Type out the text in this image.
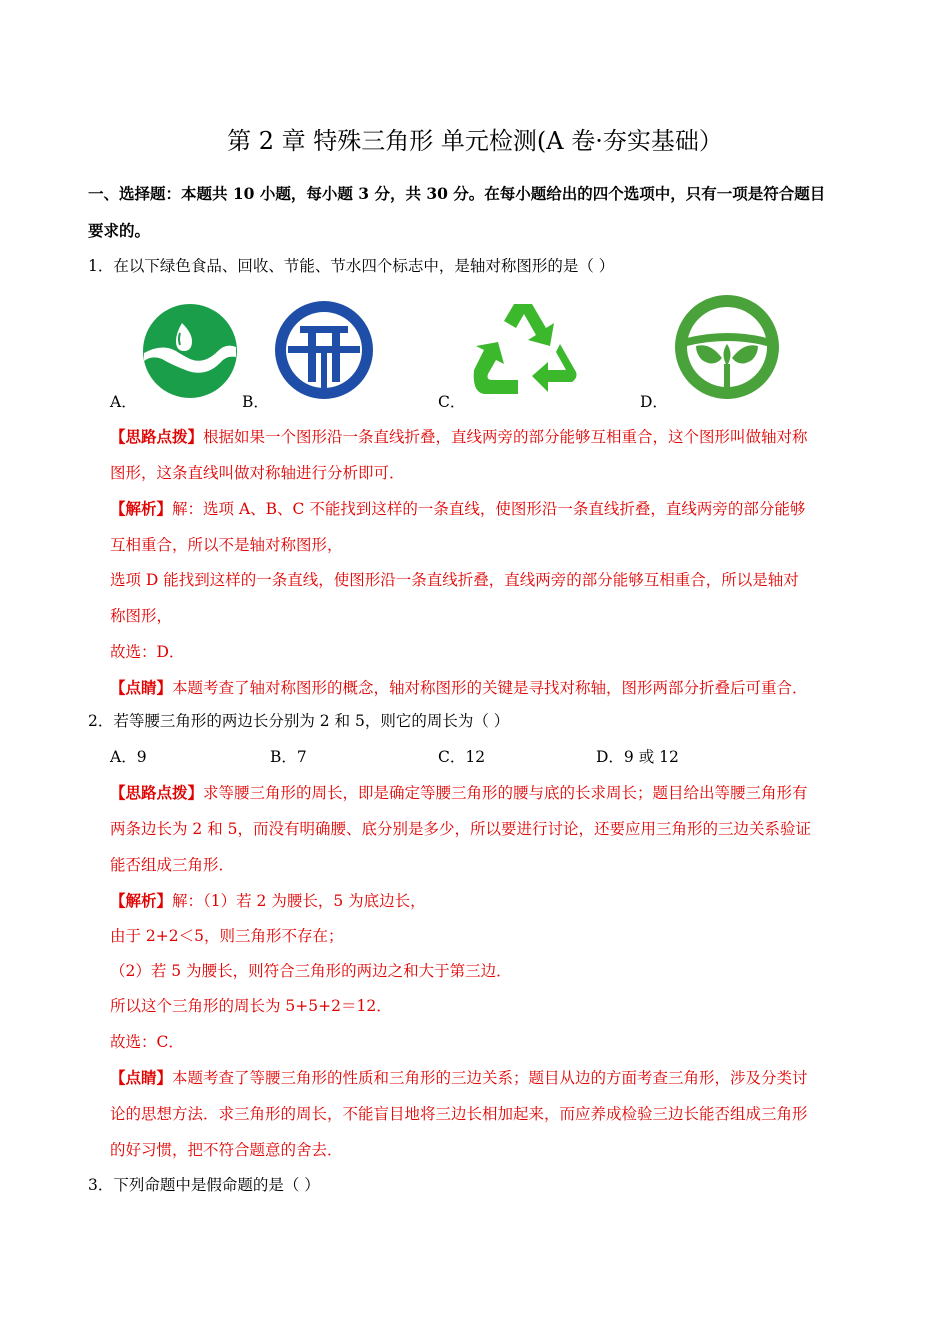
第 2 章 特殊三角形 单元检测(A 卷·夯实基础）
一、选择题：本题共 10 小题，每小题 3 分，共 30 分。在每小题给出的四个选项中，只有一项是符合题目
要求的。
1．在以下绿色食品、回收、节能、节水四个标志中，是轴对称图形的是（ ）
A．	B．	C．	D．
【思路点拨】根据如果一个图形沿一条直线折叠，直线两旁的部分能够互相重合，这个图形叫做轴对称
图形，这条直线叫做对称轴进行分析即可．
【解析】解：选项 A、B、C 不能找到这样的一条直线，使图形沿一条直线折叠，直线两旁的部分能够
互相重合，所以不是轴对称图形，
选项 D 能找到这样的一条直线，使图形沿一条直线折叠，直线两旁的部分能够互相重合，所以是轴对
称图形，
故选：D．
【点睛】本题考查了轴对称图形的概念，轴对称图形的关键是寻找对称轴，图形两部分折叠后可重合．
2．若等腰三角形的两边长分别为 2 和 5，则它的周长为（ ）
A．9	B．7	C．12	D．9 或 12
【思路点拨】求等腰三角形的周长，即是确定等腰三角形的腰与底的长求周长；题目给出等腰三角形有
两条边长为 2 和 5，而没有明确腰、底分别是多少，所以要进行讨论，还要应用三角形的三边关系验证
能否组成三角形．
【解析】解：（1）若 2 为腰长，5 为底边长，
由于 2+2＜5，则三角形不存在；
（2）若 5 为腰长，则符合三角形的两边之和大于第三边．
所以这个三角形的周长为 5+5+2＝12．
故选：C．
【点睛】本题考查了等腰三角形的性质和三角形的三边关系；题目从边的方面考查三角形，涉及分类讨
论的思想方法．求三角形的周长，不能盲目地将三边长相加起来，而应养成检验三边长能否组成三角形
的好习惯，把不符合题意的舍去．
3．下列命题中是假命题的是（ ）
